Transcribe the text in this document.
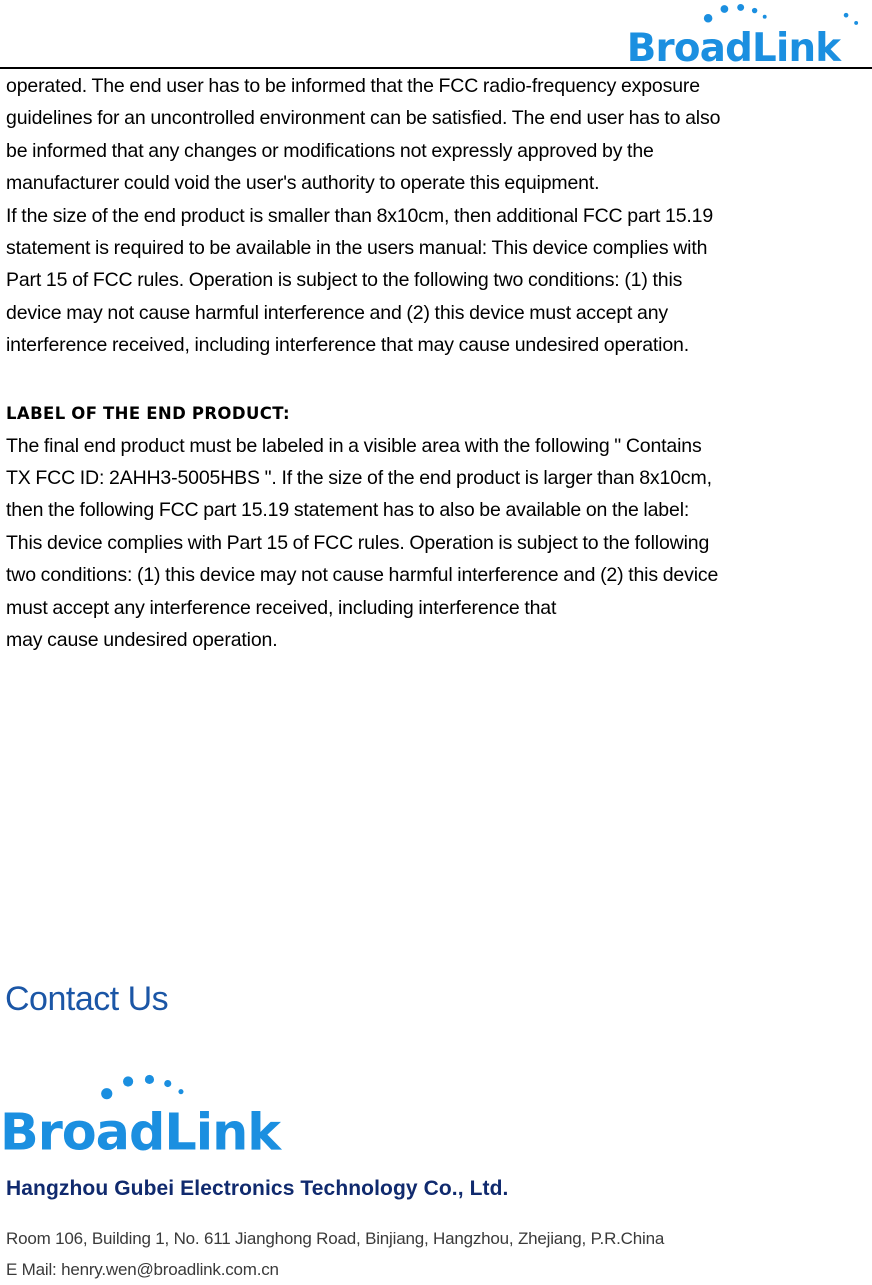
BroadLink

operated. The end user has to be informed that the FCC radio-frequency exposure

guidelines for an uncontrolled environment can be satisfied. The end user has to also

be informed that any changes or modifications not expressly approved by the

manufacturer could void the user's authority to operate this equipment.

If the size of the end product is smaller than 8x10cm, then additional FCC part 15.19

statement is required to be available in the users manual: This device complies with

Part 15 of FCC rules. Operation is subject to the following two conditions: (1) this

device may not cause harmful interference and (2) this device must accept any

interference received, including interference that may cause undesired operation.

LABEL OF THE END PRODUCT:

The final end product must be labeled in a visible area with the following " Contains

TX FCC ID: 2AHH3-5005HBS ". If the size of the end product is larger than 8x10cm,

then the following FCC part 15.19 statement has to also be available on the label:

This device complies with Part 15 of FCC rules. Operation is subject to the following

two conditions: (1) this device may not cause harmful interference and (2) this device

must accept any interference received, including interference that

may cause undesired operation.

Contact Us
BroadLink

Hangzhou Gubei Electronics Technology Co., Ltd.

Room 106, Building 1, No. 611 Jianghong Road, Binjiang, Hangzhou, Zhejiang, P.R.China

E Mail: henry.wen@broadlink.com.cn
